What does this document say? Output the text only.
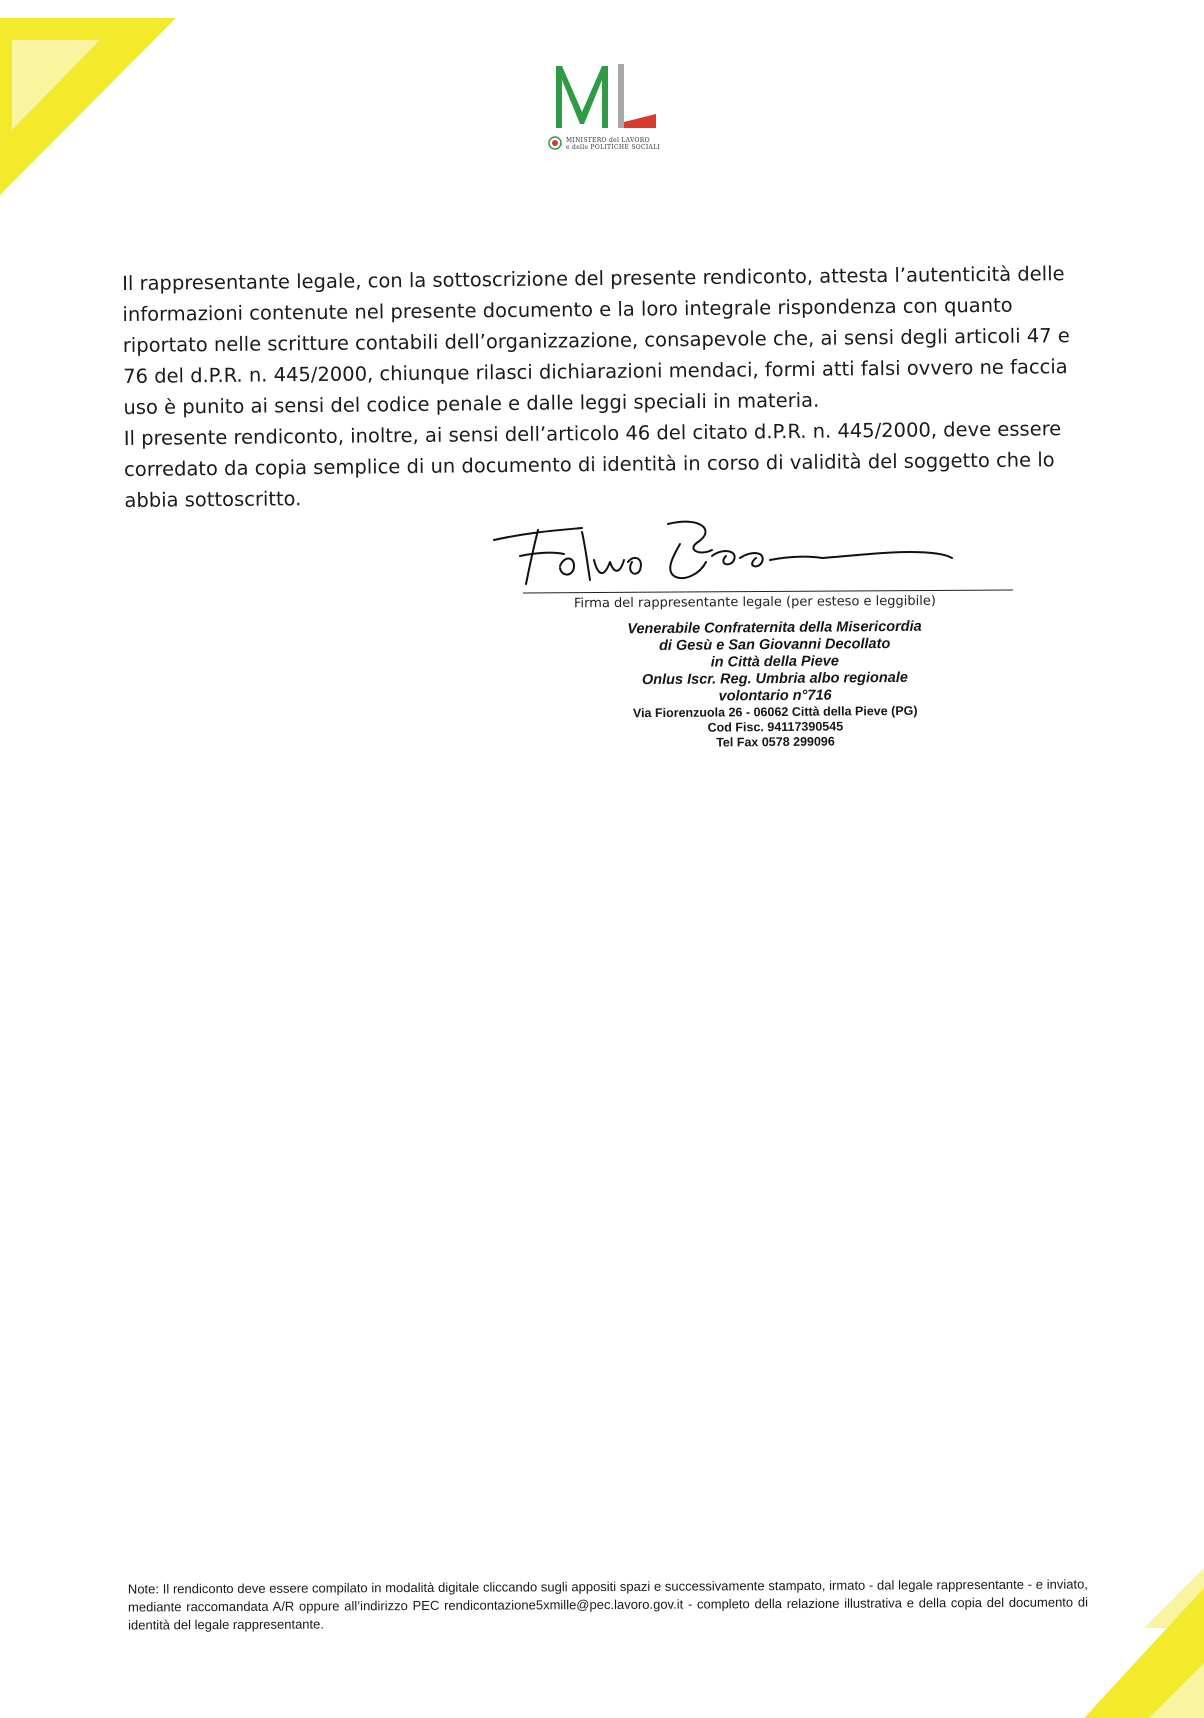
MINISTERO del LAVORO
e delle POLITICHE SOCIALI

Il rappresentante legale, con la sottoscrizione del presente rendiconto, attesta l’autenticità delle informazioni contenute nel presente documento e la loro integrale rispondenza con quanto riportato nelle scritture contabili dell’organizzazione, consapevole che, ai sensi degli articoli 47 e 76 del d.P.R. n. 445/2000, chiunque rilasci dichiarazioni mendaci, formi atti falsi ovvero ne faccia uso è punito ai sensi del codice penale e dalle leggi speciali in materia.

Il presente rendiconto, inoltre, ai sensi dell’articolo 46 del citato d.P.R. n. 445/2000, deve essere corredato da copia semplice di un documento di identità in corso di validità del soggetto che lo abbia sottoscritto.

Firma del rappresentante legale (per esteso e leggibile)
Venerabile Confraternita della Misericordia
di Gesù e San Giovanni Decollato
in Città della Pieve
Onlus Iscr. Reg. Umbria albo regionale
volontario n°716
Via Fiorenzuola 26 - 06062 Città della Pieve (PG)
Cod Fisc. 94117390545
Tel Fax 0578 299096
Note: Il rendiconto deve essere compilato in modalità digitale cliccando sugli appositi spazi e successivamente stampato, irmato - dal legale rappresentante - e inviato, mediante raccomandata A/R oppure all’indirizzo PEC rendicontazione5xmille@pec.lavoro.gov.it - completo della relazione illustrativa e della copia del documento di identità del legale rappresentante.
